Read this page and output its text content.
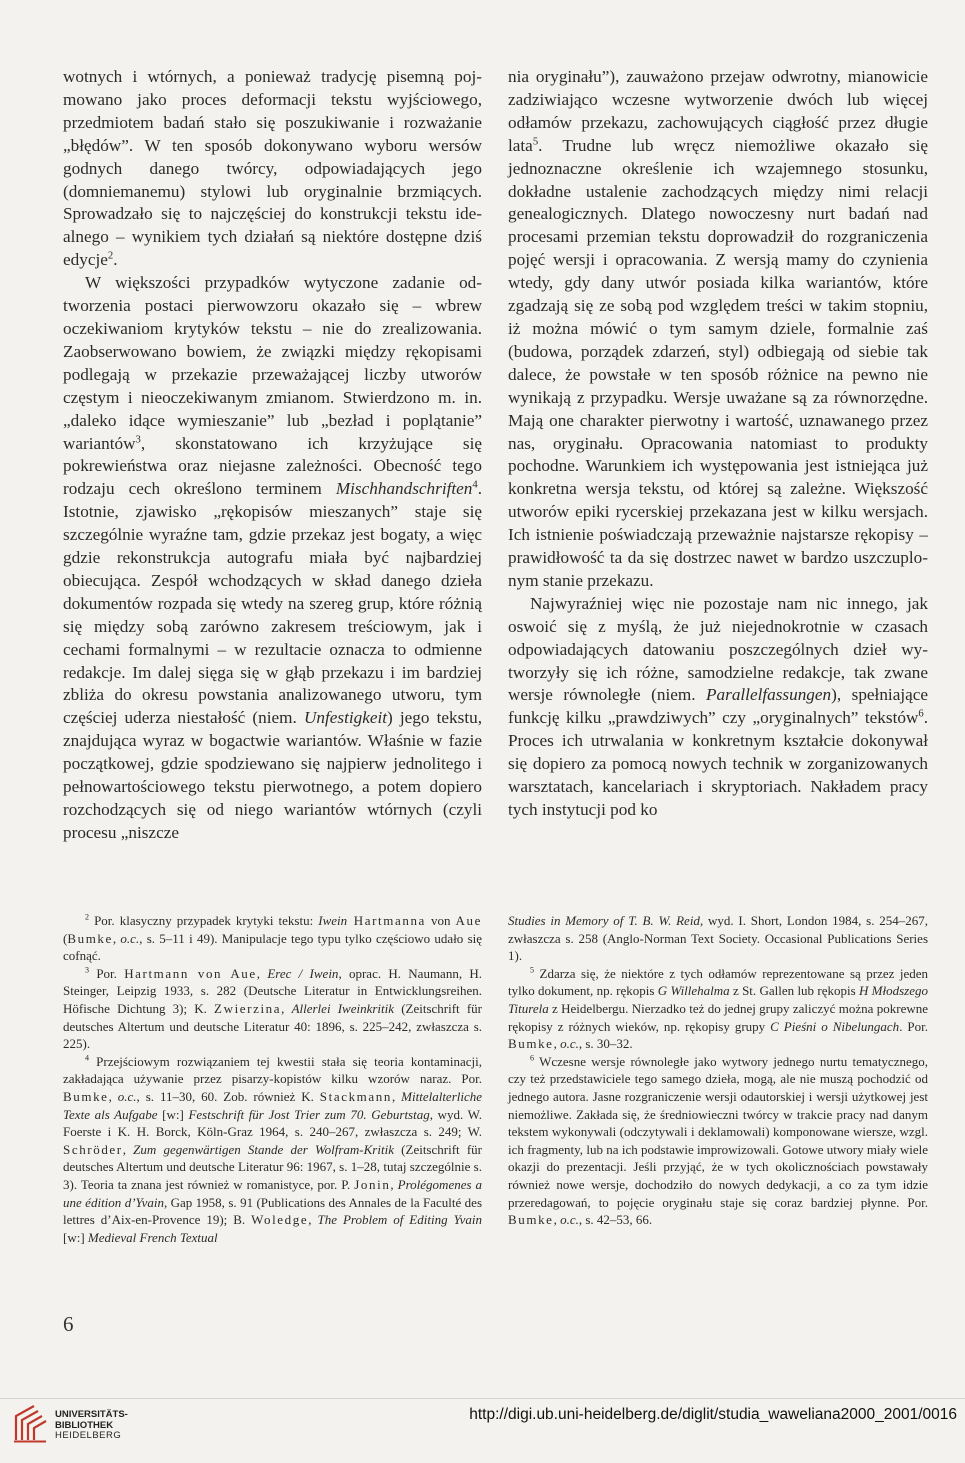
wotnych i wtórnych, a ponieważ tradycję pisemną pojmowano jako proces deformacji tekstu wyjściowego, przedmiotem badań stało się poszukiwanie i rozważanie „błędów”. W ten sposób dokonywano wyboru wersów godnych danego twórcy, odpowiadających jego (domniemanemu) stylowi lub oryginalnie brzmiących. Sprowadzało się to najczęściej do konstrukcji tekstu idealnego – wynikiem tych działań są niektóre dostępne dziś edycje$^2$.

W większości przypadków wytyczone zadanie odtworzenia postaci pierwowzoru okazało się – wbrew oczekiwaniom krytyków tekstu – nie do zrealizowania. Zaobserwowano bowiem, że związki między rękopisami podlegają w przekazie przeważającej liczby utworów częstym i nieoczekiwanym zmianom. Stwierdzono m. in. „daleko idące wymieszanie” lub „bezład i poplątanie” wariantów$^3$, skonstatowano ich krzyżujące się pokrewieństwa oraz niejasne zależności. Obecność tego rodzaju cech określono terminem Mischhandschriften$^4$. Istotnie, zjawisko „rękopisów mieszanych” staje się szczególnie wyraźne tam, gdzie przekaz jest bogaty, a więc gdzie rekonstrukcja autografu miała być najbardziej obiecująca. Zespół wchodzących w skład danego dzieła dokumentów rozpada się wtedy na szereg grup, które różnią się między sobą zarówno zakresem treściowym, jak i cechami formalnymi – w rezultacie oznacza to odmienne redakcje. Im dalej sięga się w głąb przekazu i im bardziej zbliża do okresu powstania analizowanego utworu, tym częściej uderza niestałość (niem. Unfestigkeit) jego tekstu, znajdująca wyraz w bogactwie wariantów. Właśnie w fazie początkowej, gdzie spodziewano się najpierw jednolitego i pełnowartościowego tekstu pierwotnego, a potem dopiero rozchodzących się od niego wariantów wtórnych (czyli procesu „niszcze

nia oryginału”), zauważono przejaw odwrotny, mianowicie zadziwiająco wczesne wytworzenie dwóch lub więcej odłamów przekazu, zachowujących ciągłość przez długie lata$^5$. Trudne lub wręcz niemożliwe okazało się jednoznaczne określenie ich wzajemnego stosunku, dokładne ustalenie zachodzących między nimi relacji genealogicznych. Dlatego nowoczesny nurt badań nad procesami przemian tekstu doprowadził do rozgraniczenia pojęć wersji i opracowania. Z wersją mamy do czynienia wtedy, gdy dany utwór posiada kilka wariantów, które zgadzają się ze sobą pod względem treści w takim stopniu, iż można mówić o tym samym dziele, formalnie zaś (budowa, porządek zdarzeń, styl) odbiegają od siebie tak dalece, że powstałe w ten sposób różnice na pewno nie wynikają z przypadku. Wersje uważane są za równorzędne. Mają one charakter pierwotny i wartość, uznawanego przez nas, oryginału. Opracowania natomiast to produkty pochodne. Warunkiem ich występowania jest istniejąca już konkretna wersja tekstu, od której są zależne. Większość utworów epiki rycerskiej przekazana jest w kilku wersjach. Ich istnienie poświadczają przeważnie najstarsze rękopisy – prawidłowość ta da się dostrzec nawet w bardzo uszczuplonym stanie przekazu.

Najwyraźniej więc nie pozostaje nam nic innego, jak oswoić się z myślą, że już niejednokrotnie w czasach odpowiadających datowaniu poszczególnych dzieł wytworzyły się ich różne, samodzielne redakcje, tak zwane wersje równoległe (niem. Parallelfassungen), spełniające funkcję kilku „prawdziwych” czy „oryginalnych” tekstów$^6$. Proces ich utrwalania w konkretnym kształcie dokonywał się dopiero za pomocą nowych technik w zorganizowanych warsztatach, kancelariach i skryptoriach. Nakładem pracy tych instytucji pod ko

$^2$ Por. klasyczny przypadek krytyki tekstu: Iwein Hartmanna von Aue (Bumke, o.c., s. 5–11 i 49). Manipulacje tego typu tylko częściowo udało się cofnąć.

$^3$ Por. Hartmann von Aue, Erec / Iwein, oprac. H. Naumann, H. Steinger, Leipzig 1933, s. 282 (Deutsche Literatur in Entwicklungsreihen. Höfische Dichtung 3); K. Zwierzina, Allerlei Iweinkritik (Zeitschrift für deutsches Altertum und deutsche Literatur 40: 1896, s. 225–242, zwłaszcza s. 225).

$^4$ Przejściowym rozwiązaniem tej kwestii stała się teoria kontaminacji, zakładająca używanie przez pisarzy-kopistów kilku wzorów naraz. Por. Bumke, o.c., s. 11–30, 60. Zob. również K. Stackmann, Mittelalterliche Texte als Aufgabe [w:] Festschrift für Jost Trier zum 70. Geburtstag, wyd. W. Foerste i K. H. Borck, Köln-Graz 1964, s. 240–267, zwłaszcza s. 249; W. Schröder, Zum gegenwärtigen Stande der Wolfram-Kritik (Zeitschrift für deutsches Altertum und deutsche Literatur 96: 1967, s. 1–28, tutaj szczególnie s. 3). Teoria ta znana jest również w romanistyce, por. P. Jonin, Prolégomenes a une édition d’Yvain, Gap 1958, s. 91 (Publications des Annales de la Faculté des lettres d’Aix-en-Provence 19); B. Woledge, The Problem of Editing Yvain [w:] Medieval French Textual

Studies in Memory of T. B. W. Reid, wyd. I. Short, London 1984, s. 254–267, zwłaszcza s. 258 (Anglo-Norman Text Society. Occasional Publications Series 1).

$^5$ Zdarza się, że niektóre z tych odłamów reprezentowane są przez jeden tylko dokument, np. rękopis G Willehalma z St. Gallen lub rękopis H Młodszego Titurela z Heidelbergu. Nierzadko też do jednej grupy zaliczyć można pokrewne rękopisy z różnych wieków, np. rękopisy grupy C Pieśni o Nibelungach. Por. Bumke, o.c., s. 30–32.

$^6$ Wczesne wersje równoległe jako wytwory jednego nurtu tematycznego, czy też przedstawiciele tego samego dzieła, mogą, ale nie muszą pochodzić od jednego autora. Jasne rozgraniczenie wersji odautorskiej i wersji użytkowej jest niemożliwe. Zakłada się, że średniowieczni twórcy w trakcie pracy nad danym tekstem wykonywali (odczytywali i deklamowali) komponowane wiersze, wzgl. ich fragmenty, lub na ich podstawie improwizowali. Gotowe utwory miały wiele okazji do prezentacji. Jeśli przyjąć, że w tych okolicznościach powstawały również nowe wersje, dochodziło do nowych dedykacji, a co za tym idzie przeredagowań, to pojęcie oryginału staje się coraz bardziej płynne. Por. Bumke, o.c., s. 42–53, 66.

6
UNIVERSITÄTS-
BIBLIOTHEK
HEIDELBERG
http://digi.ub.uni-heidelberg.de/diglit/studia_waweliana2000_2001/0016
